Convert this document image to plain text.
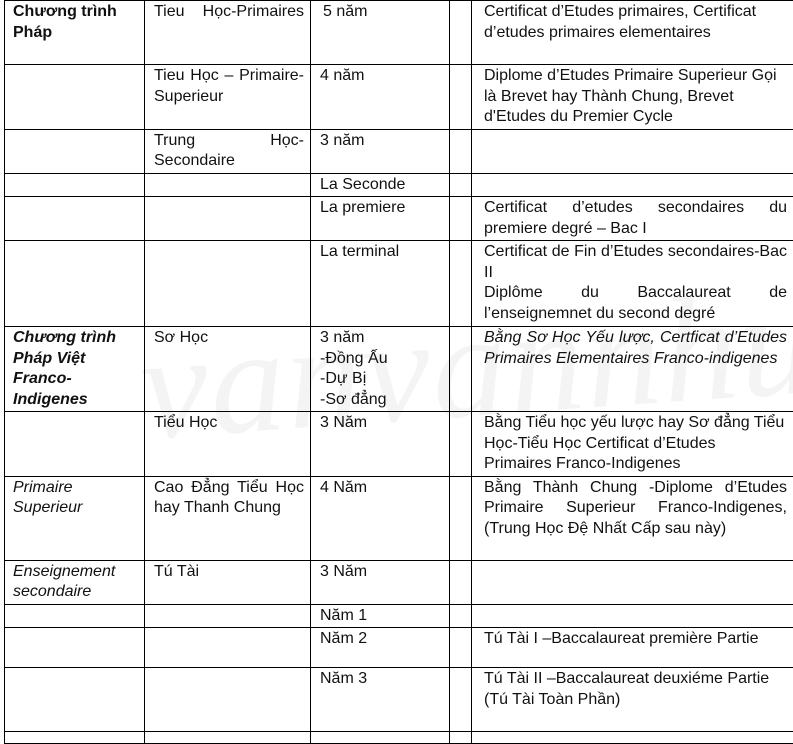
Chương trình Pháp	Tieu Học-Primaires	5 năm		Certificat d’Etudes primaires, Certificat d’etudes primaires elementaires

	Tieu Học – Primaire-Superieur	4 năm		Diplome d’Etudes Primaire Superieur Gọi là Brevet hay Thành Chung, Brevet d'Etudes du Premier Cycle

	Trung Học-Secondaire	3 năm		

		La Seconde		

		La premiere		Certificat d’etudes secondaires du premiere degré – Bac I

		La terminal		Certificat de Fin d’Etudes secondaires-Bac II
Diplôme du Baccalaureat de l’enseignemnet du second degré

Chương trình Pháp Việt Franco-Indigenes	Sơ Học	3 năm
-Đồng Ấu
-Dự Bị
-Sơ đẳng		Bằng Sơ Học Yếu lược, Certficat d’Etudes Primaires Elementaires Franco-indigenes

	Tiểu Học	3 Năm		Bằng Tiểu học yếu lược hay Sơ đẳng Tiểu Học-Tiểu Học Certificat d’Etudes Primaires Franco-Indigenes

Primaire Superieur	Cao Đẳng Tiểu Học hay Thanh Chung	4 Năm		Bằng Thành Chung -Diplome d’Etudes Primaire Superieur Franco-Indigenes,(Trung Học Đệ Nhất Cấp sau này)

Enseignement secondaire	Tú Tài	3 Năm		

		Năm 1		

		Năm 2		Tú Tài I –Baccalaureat première Partie

		Năm 3		Tú Tài II –Baccalaureat deuxiéme Partie
(Tú Tài Toàn Phần)
